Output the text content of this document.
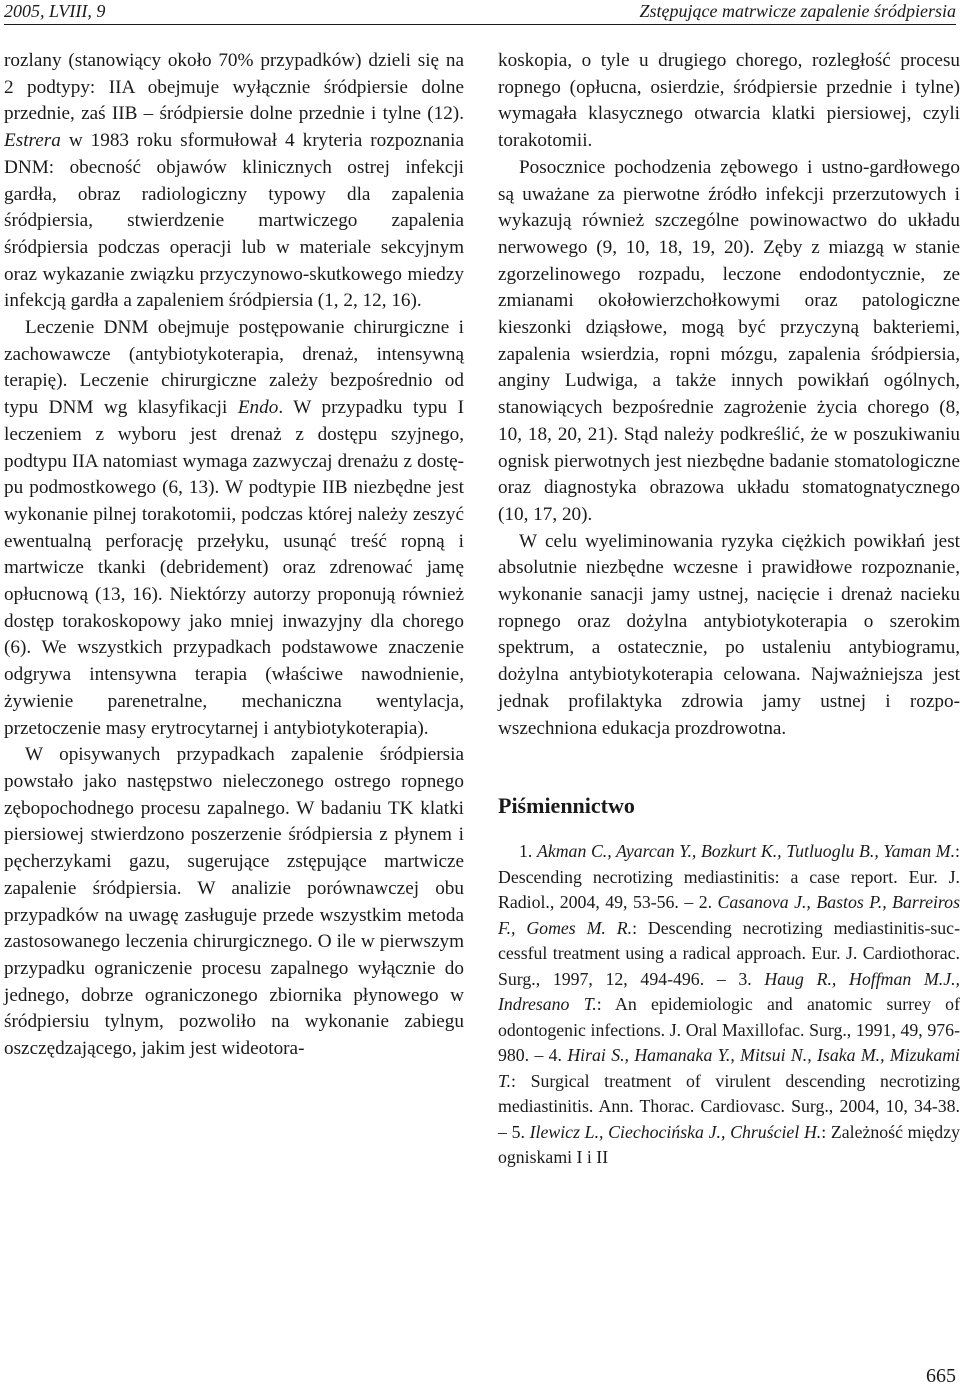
2005, LVIII, 9	Zstępujące matrwicze zapalenie śródpiersia

rozlany (stanowiący około 70% przypadków) dzieli się na 2 podtypy: IIA obejmuje wyłącznie śródpiersie dolne przednie, zaś IIB – śródpiersie dolne przednie i tylne (12). Estrera w 1983 roku sformułował 4 kryteria rozpoznania DNM: obecność objawów klinicznych ostrej infekcji gardła, obraz radiologiczny typowy dla zapalenia śródpiersia, stwierdzenie martwiczego zapalenia śródpiersia podczas operacji lub w materiale sekcyjnym oraz wykazanie związku przyczynowo-skutkowego miedzy infekcją gardła a zapaleniem śródpiersia (1, 2, 12, 16).

Leczenie DNM obejmuje postępowanie chirurgiczne i zachowawcze (antybiotykoterapia, drenaż, intensywną terapię). Leczenie chirurgiczne zależy bezpośrednio od typu DNM wg klasyfikacji Endo. W przypadku typu I leczeniem z wyboru jest drenaż z dostępu szyjnego, podtypu IIA natomiast wymaga zazwyczaj drenażu z dostępu podmostkowego (6, 13). W podtypie IIB niezbędne jest wykonanie pilnej torakotomii, podczas której należy zeszyć ewentualną perforację przełyku, usunąć treść ropną i martwicze tkanki (debridement) oraz zdrenować jamę opłucnową (13, 16). Niektórzy autorzy proponują również dostęp torakoskopowy jako mniej inwazyjny dla chorego (6). We wszystkich przypadkach podstawowe znaczenie odgrywa intensywna terapia (właściwe nawodnienie, żywienie parenetralne, mechaniczna wentylacja, przetoczenie masy erytrocytarnej i antybiotykoterapia).

W opisywanych przypadkach zapalenie śródpiersia powstało jako następstwo nieleczonego ostrego ropnego zębopochodnego procesu zapalnego. W badaniu TK klatki piersiowej stwierdzono poszerzenie śródpiersia z płynem i pęcherzykami gazu, sugerujące zstępujące martwicze zapalenie śródpiersia. W analizie porównawczej obu przypadków na uwagę zasługuje przede wszystkim metoda zastosowanego leczenia chirurgicznego. O ile w pierwszym przypadku ograniczenie procesu zapalnego wyłącznie do jednego, dobrze ograniczonego zbiornika płynowego w śródpiersiu tylnym, pozwoliło na wykonanie zabiegu oszczędzającego, jakim jest wideotora-

koskopia, o tyle u drugiego chorego, rozległość procesu ropnego (opłucna, osierdzie, śródpiersie przednie i tylne) wymagała klasycznego otwarcia klatki piersiowej, czyli torakotomii.

Posocznice pochodzenia zębowego i ustno-gardłowego są uważane za pierwotne źródło infekcji przerzutowych i wykazują również szczególne powinowactwo do układu nerwowego (9, 10, 18, 19, 20). Zęby z miazgą w stanie zgorzelinowego rozpadu, leczone endodontycznie, ze zmianami okołowierzchołkowymi oraz patologiczne kieszonki dziąsłowe, mogą być przyczyną bakteriemi, zapalenia wsierdzia, ropni mózgu, zapalenia śródpiersia, anginy Ludwiga, a także innych powikłań ogólnych, stanowiących bezpośrednie zagrożenie życia chorego (8, 10, 18, 20, 21). Stąd należy podkreślić, że w poszukiwaniu ognisk pierwotnych jest niezbędne badanie stomatologiczne oraz diagnostyka obrazowa układu stomatognatycznego (10, 17, 20).

W celu wyeliminowania ryzyka ciężkich powikłań jest absolutnie niezbędne wczesne i prawidłowe rozpoznanie, wykonanie sanacji jamy ustnej, nacięcie i drenaż nacieku ropnego oraz dożylna antybiotykoterapia o szerokim spektrum, a ostatecznie, po ustaleniu antybiogramu, dożylna antybiotykoterapia celowana. Najważniejsza jest jednak profilaktyka zdrowia jamy ustnej i rozpowszechniona edukacja prozdrowotna.

Piśmiennictwo

1. Akman C., Ayarcan Y., Bozkurt K., Tutluoglu B., Yaman M.: Descending necrotizing mediastinitis: a case report. Eur. J. Radiol., 2004, 49, 53-56. – 2. Casanova J., Bastos P., Barreiros F., Gomes M. R.: Descending necrotizing mediastinitis-successful treatment using a radical approach. Eur. J. Cardiothorac. Surg., 1997, 12, 494-496. – 3. Haug R., Hoffman M.J., Indresano T.: An epidemiologic and anatomic surrey of odontogenic infections. J. Oral Maxillofac. Surg., 1991, 49, 976-980. – 4. Hirai S., Hamanaka Y., Mitsui N., Isaka M., Mizukami T.: Surgical treatment of virulent descending necrotizing mediastinitis. Ann. Thorac. Cardiovasc. Surg., 2004, 10, 34-38. – 5. Ilewicz L., Ciechocińska J., Chruściel H.: Zależność między ogniskami I i II

665
